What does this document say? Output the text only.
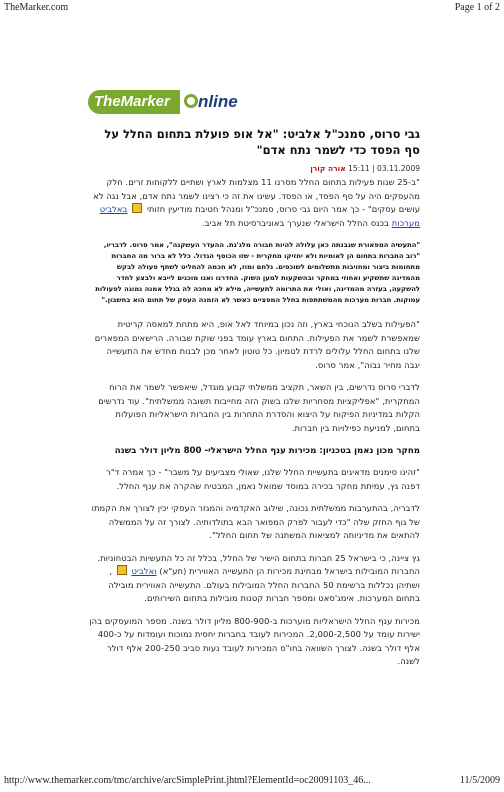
TheMarker.com	Page 1 of 2
TheMarker	nline
גבי סרוס, סמנכ"ל אלביט: "אל אופ פועלת בתחום החלל על סף הפסד כדי לשמר נתח אדם"
03.11.2009 | 15:11 אורה קורן
"ב-25 שנות פעילות בתחום החלל מסרנו 11 מצלמות לארץ ושתיים ללקוחות זרים. חלק מהעסקים היה על סף הפסד, או הפסד. עשינו את זה כי רצינו לשמר נתח אדם, אבל נגה לא עושים עסקים" - כך אמר היום גבי סרוס, סמנכ"ל ומנהל חטיבת מודיעין חזותי  באלביט מערכות בכנס החלל הישראלי שנערך באוניברסיטת תל אביב.
"התעשיה המפאורת שנבנתה כאן עלולה להיות חבורה מלג'נת. ההעדר העשקנה", אמר סרוס. לדבריו, "רוב החברות בתחום הן לאומיות ולא יחזיקו מחקרית - שזו הכוסף הגדול. כלל לא ברור מה החברות מתחומות ביצור ומחויבות מתשלומים לשוכפים. נלחם ומוז, לא חכמה להחליט לשתף פעולה לבקש מהמדינה שתשקיע ואחוזי במחקר ובהשקעות למען השוק. החדרנו ואנו מוכנים לייבא ולבצע לחדר להשקעה, בעזרה מהמדינה, ואולי את התרומה לתעשייה, מילא לא מחכה לה בגלל אמנה נמונה לפעולות עמוקות. חברות מערכות מהמשתתפות בחלל המפציים כאשר לא הזמנה העסק של תחום הוא בחשבון."
"הפעילות בשלב הנוכחי בארץ, וזה נכון במיוחד לאל אופ, היא מתחת למאסה קריטית שמאפשרת לשמר את הפעילות. התחום בארץ עומד בפני שוקת שבורה. הרישאים המפארים שלנו בתחום החלל עלולים לרדת לטמיון. כל טוטון לאחר מכן לבנות מחדש את התעשייה יגבה מחיר גבוה", אמר סרוס.
לדברי סרוס נדרשים, בין השאר, תקציב ממשלתי קבוע מוגדל, שיאפשר לשמר את הרוח המחקרית, "אפליקציות מסחריות שלנו בשוק הזה מחייבות תשובה ממשלתית". עוד נדרשים הקלות במדיניות הפיקוח על היצוא והסדרת התחרות בין החברות הישראליות הפועלות בתחום, למניעת כפילויות בין חברות.
מחקר מכון נאמן בטכניון: מכירות ענף החלל הישראלי- 800 מליון דולר בשנה
"זהינו סימנים מדאיגים בתעשיית החלל שלנו, שאולי מצביעים על משבר" - כך אמרה ד"ר דפנה גץ, עמיתת מחקר בכירה במוסד שמואל נאמן, המבטיח שהקרה את ענף החלל.
לדבריה, בהתערבות ממשלתית נכונה, שילוב האקדמיה והמגזר העסקי יכין לצורך את הקמתו של גוף החזק שלה "כדי לעבור לפרק המפואר הבא בתולדותיה. לצורך זה על הממשלה להתאים את מדיניותה למציאות המשתנה של תחום החלל".
גץ ציינה, כי בישראל 25 חברות בתחום הישיר של החלל, בכלל זה כל התעשיות הבטחוניות. החברות המובילות בישראל מבחינת מכירות הן התעשייה האווירית (תע"א) ואלביט  , ושתיהן נכללות ברשימת 50 החברות החלל המובילות בעולם. התעשייה האווירית מובילה בתחום המערכות. אימג'סאט ומספר חברות קטנות מובילות בתחום השירותים.
מכירות ענף החלל הישראליות מוערכות ב-800-900 מליון דולר בשנה. מספר המועסקים בהן ישירות עומד על 2,000-2,500. המכירות לעובד בחברות יחסית נמוכות ועומדות על כ-400 אלף דולר בשנה. לצורך השוואה בחו"ס המכירות לעובד נעות סביב 200-250 אלף דולר לשנה.
http://www.themarker.com/tmc/archive/arcSimplePrint.jhtml?ElementId=oc20091103_46...	11/5/2009
